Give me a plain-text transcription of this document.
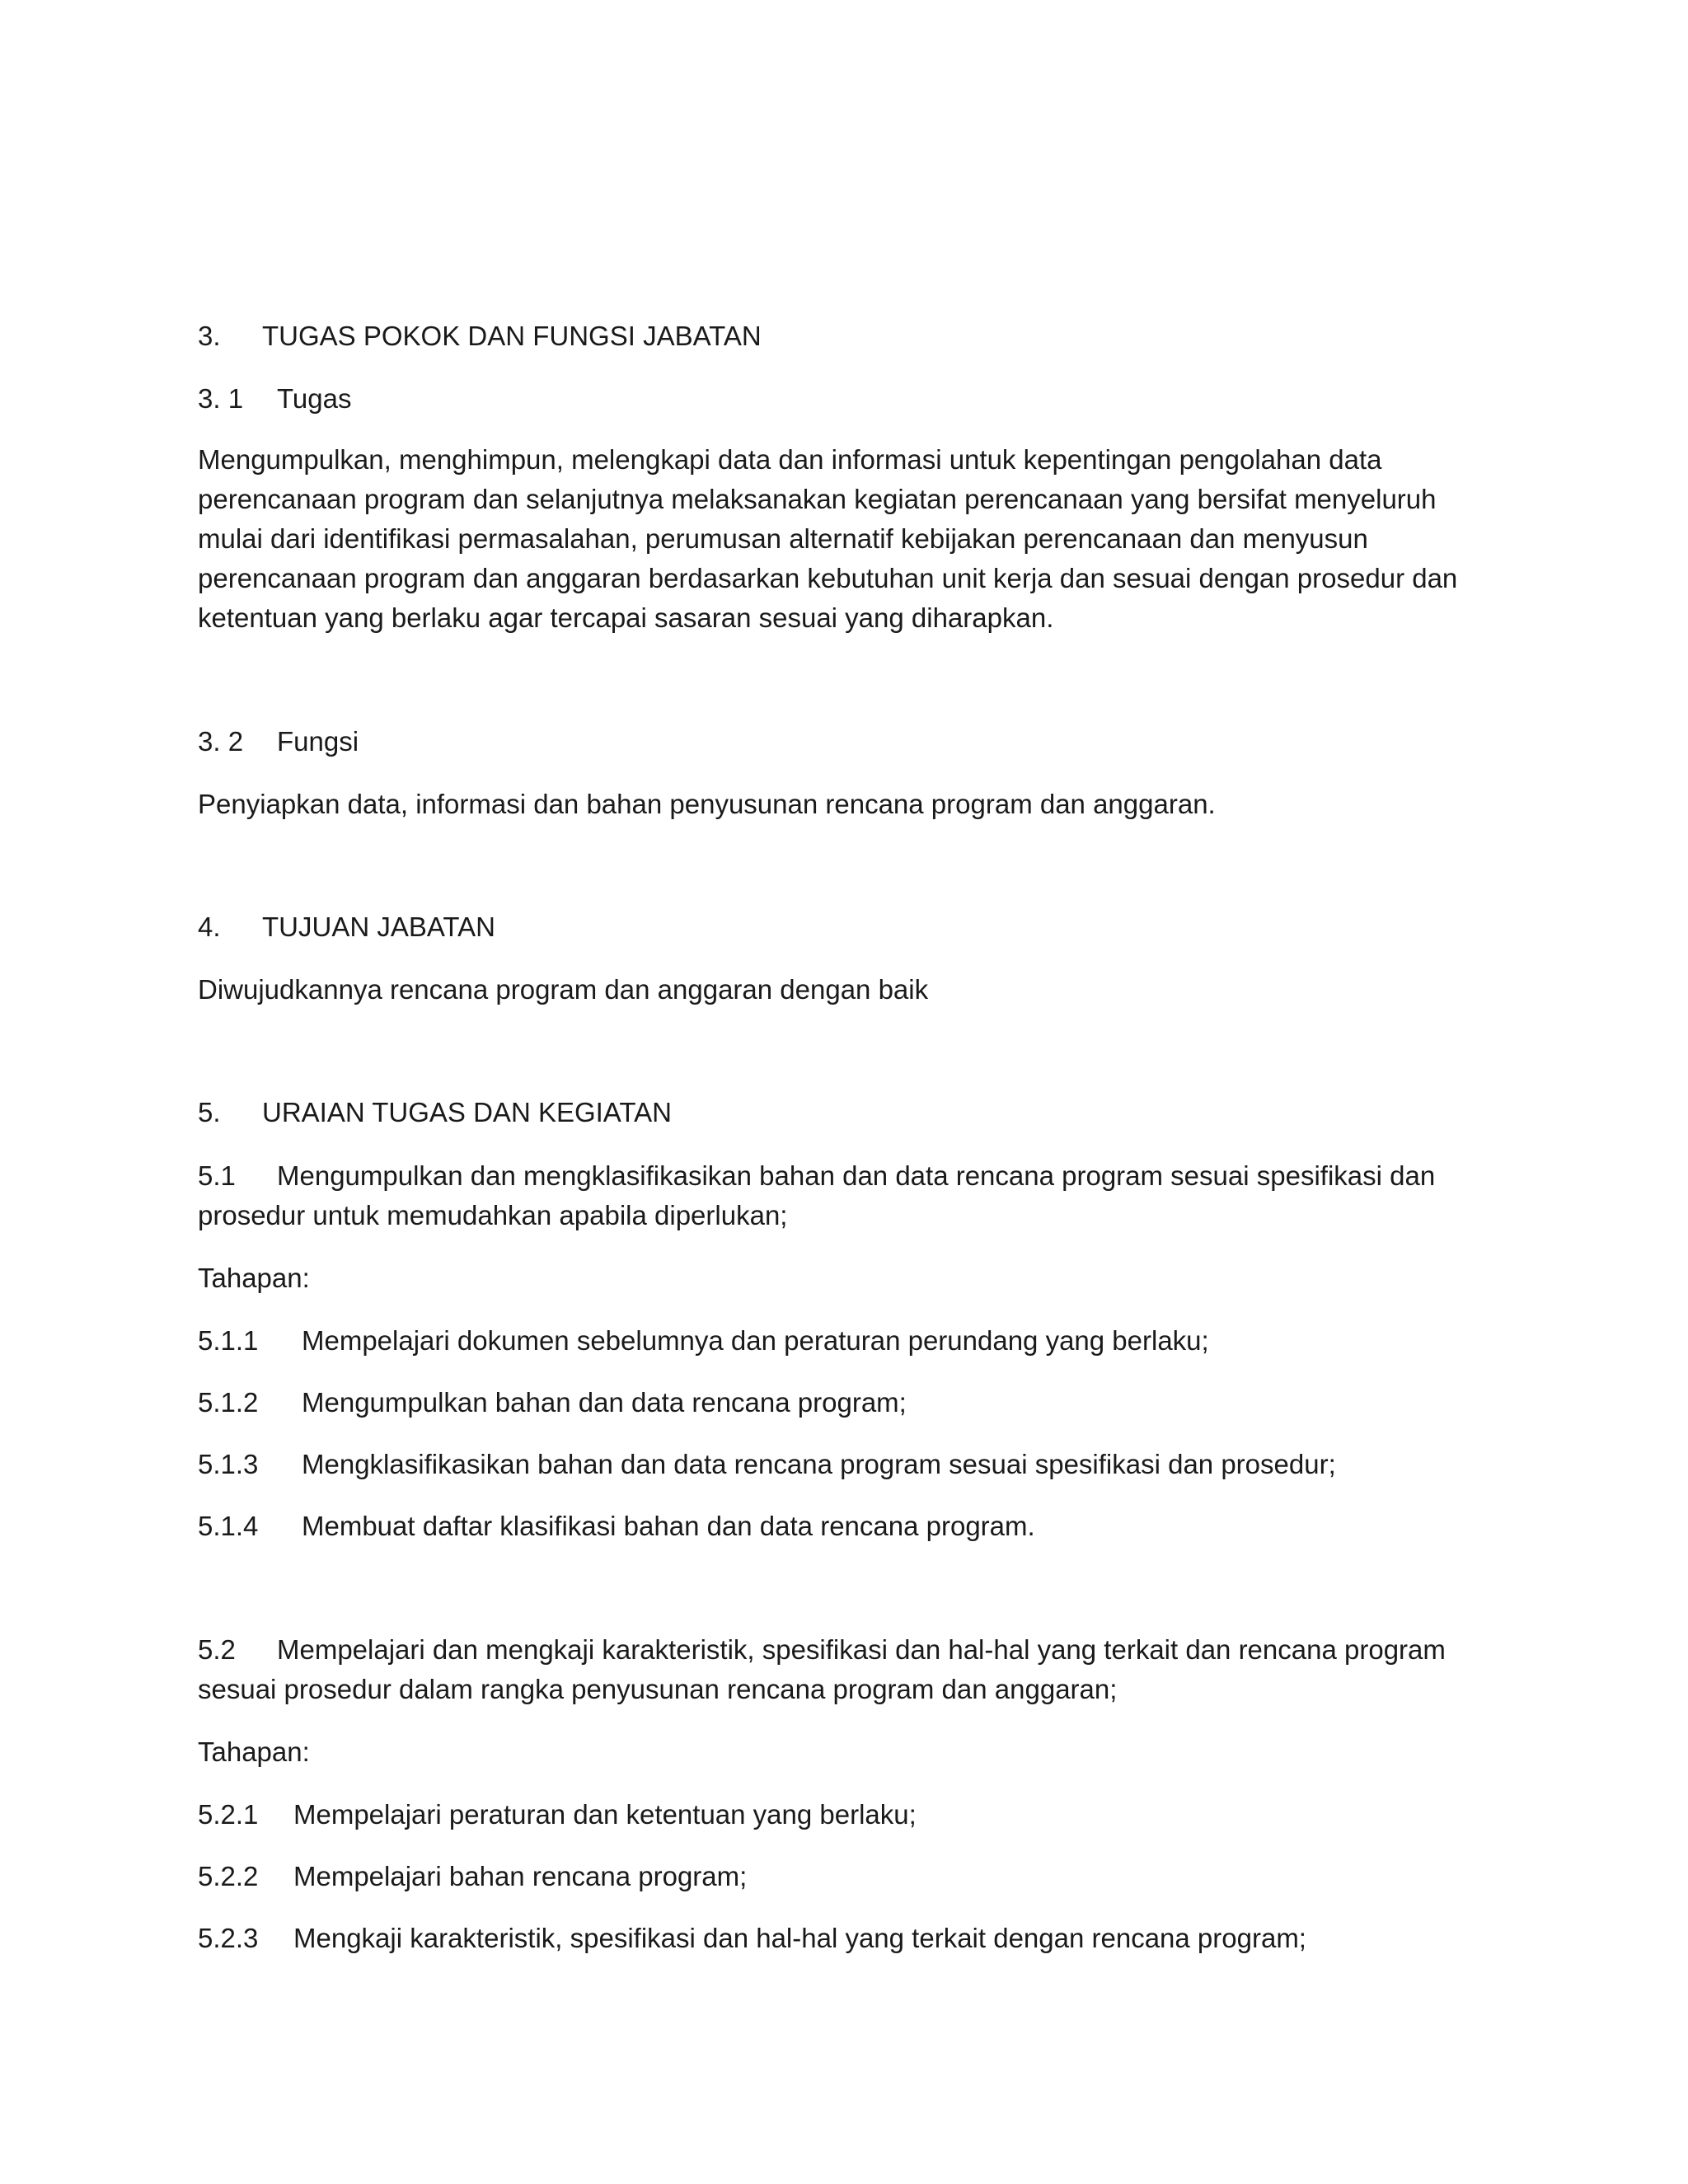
3. TUGAS POKOK DAN FUNGSI JABATAN
3. 1 Tugas
Mengumpulkan, menghimpun, melengkapi data dan informasi untuk kepentingan pengolahan data
perencanaan program dan selanjutnya melaksanakan kegiatan perencanaan yang bersifat menyeluruh
mulai dari identifikasi permasalahan, perumusan alternatif kebijakan perencanaan dan menyusun
perencanaan program dan anggaran berdasarkan kebutuhan unit kerja dan sesuai dengan prosedur dan
ketentuan yang berlaku agar tercapai sasaran sesuai yang diharapkan.
3. 2 Fungsi
Penyiapkan data, informasi dan bahan penyusunan rencana program dan anggaran.
4. TUJUAN JABATAN
Diwujudkannya rencana program dan anggaran dengan baik
5. URAIAN TUGAS DAN KEGIATAN
5.1 Mengumpulkan dan mengklasifikasikan bahan dan data rencana program sesuai spesifikasi dan
prosedur untuk memudahkan apabila diperlukan;
Tahapan:
5.1.1 Mempelajari dokumen sebelumnya dan peraturan perundang yang berlaku;
5.1.2 Mengumpulkan bahan dan data rencana program;
5.1.3 Mengklasifikasikan bahan dan data rencana program sesuai spesifikasi dan prosedur;
5.1.4 Membuat daftar klasifikasi bahan dan data rencana program.
5.2 Mempelajari dan mengkaji karakteristik, spesifikasi dan hal-hal yang terkait dan rencana program
sesuai prosedur dalam rangka penyusunan rencana program dan anggaran;
Tahapan:
5.2.1 Mempelajari peraturan dan ketentuan yang berlaku;
5.2.2 Mempelajari bahan rencana program;
5.2.3 Mengkaji karakteristik, spesifikasi dan hal-hal yang terkait dengan rencana program;
